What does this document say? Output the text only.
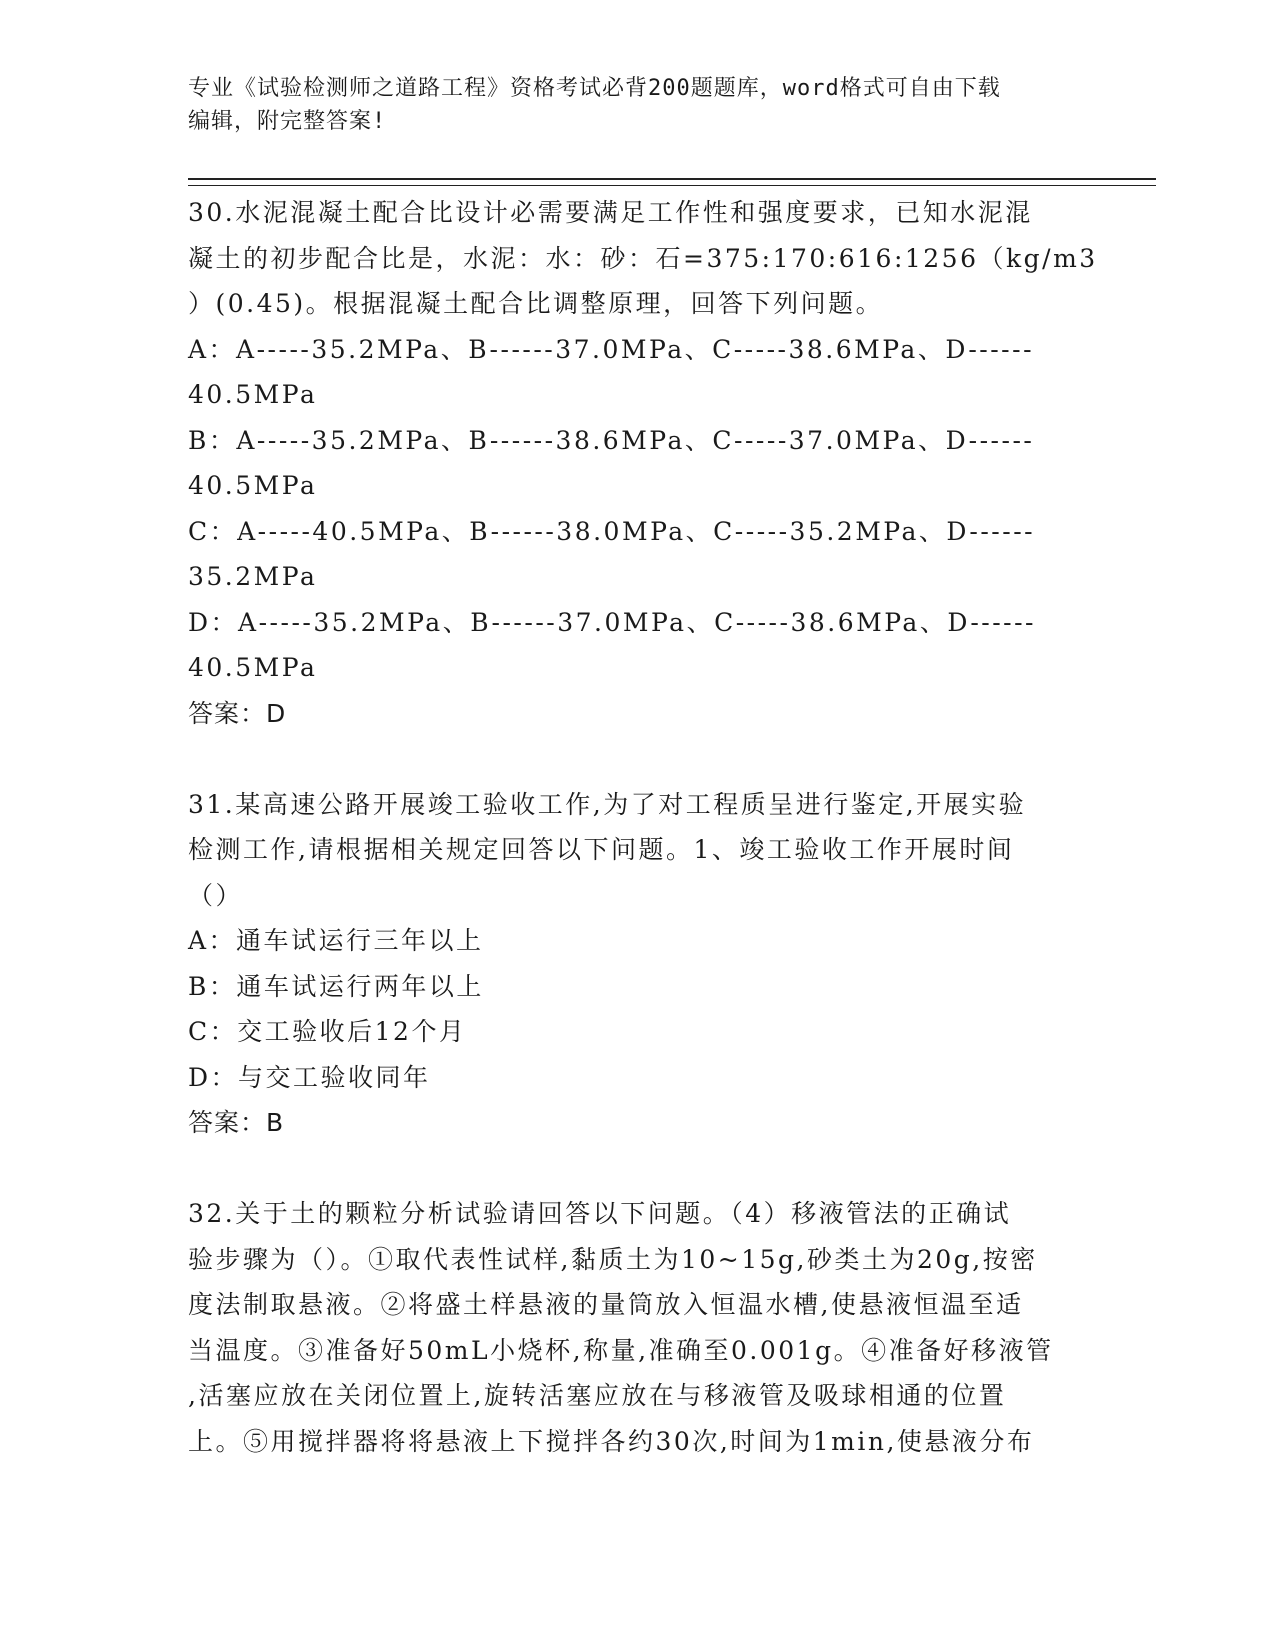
专业《试验检测师之道路工程》资格考试必背200题题库，word格式可自由下载
编辑，附完整答案!
30.水泥混凝土配合比设计必需要满足工作性和强度要求，已知水泥混
凝土的初步配合比是，水泥：水：砂：石=375:170:616:1256（kg/m3
）(0.45)。根据混凝土配合比调整原理，回答下列问题。
A：A-----35.2MPa、B------37.0MPa、C-----38.6MPa、D------
40.5MPa
B：A-----35.2MPa、B------38.6MPa、C-----37.0MPa、D------
40.5MPa
C：A-----40.5MPa、B------38.0MPa、C-----35.2MPa、D------
35.2MPa
D：A-----35.2MPa、B------37.0MPa、C-----38.6MPa、D------
40.5MPa
答案：D
31.某高速公路开展竣工验收工作,为了对工程质呈进行鉴定,开展实验
检测工作,请根据相关规定回答以下问题。1、竣工验收工作开展时间
（）
A：通车试运行三年以上
B：通车试运行两年以上
C：交工验收后12个月
D：与交工验收同年
答案：B
32.关于土的颗粒分析试验请回答以下问题。（4）移液管法的正确试
验步骤为（）。①取代表性试样,黏质土为10~15g,砂类土为20g,按密
度法制取悬液。②将盛土样悬液的量筒放入恒温水槽,使悬液恒温至适
当温度。③准备好50mL小烧杯,称量,准确至0.001g。④准备好移液管
,活塞应放在关闭位置上,旋转活塞应放在与移液管及吸球相通的位置
上。⑤用搅拌器将将悬液上下搅拌各约30次,时间为1min,使悬液分布
